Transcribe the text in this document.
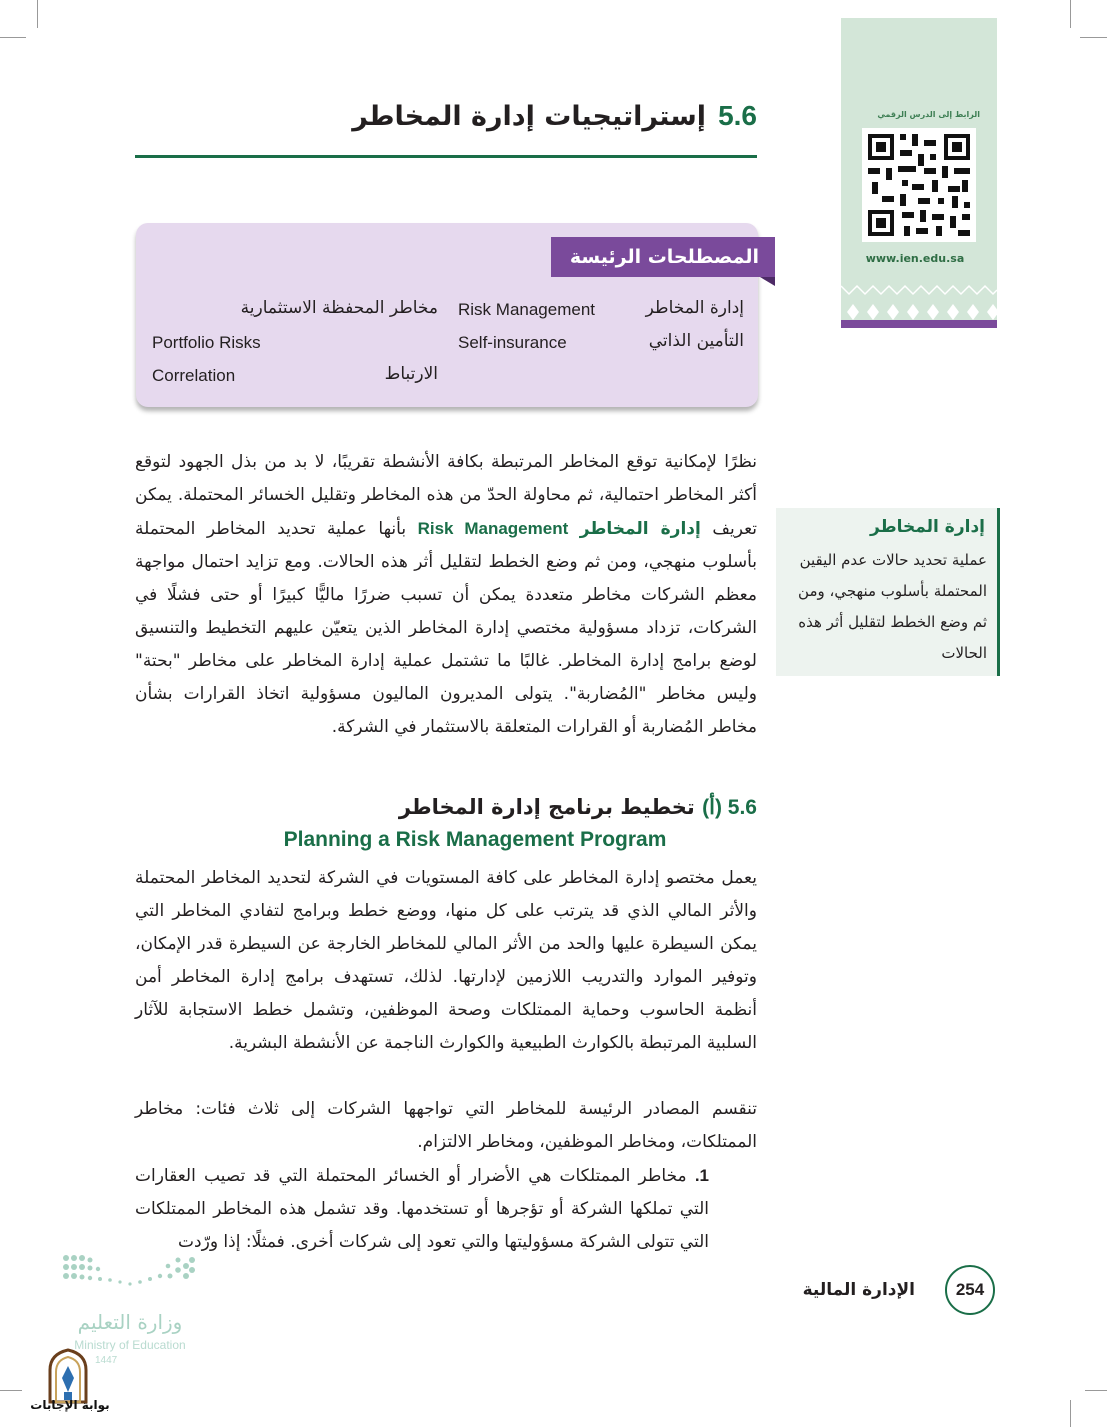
الرابط إلى الدرس الرقمي
www.ien.edu.sa
5.6إستراتيجيات إدارة المخاطر
المصطلحات الرئيسة
إدارة المخاطر
Risk Management
التأمين الذاتي
Self-insurance
مخاطر المحفظة الاستثمارية
Portfolio Risks
الارتباط
Correlation
نظرًا لإمكانية توقع المخاطر المرتبطة بكافة الأنشطة تقريبًا، لا بد من بذل الجهود لتوقع أكثر المخاطر احتمالية، ثم محاولة الحدّ من هذه المخاطر وتقليل الخسائر المحتملة. يمكن تعريف إدارة المخاطر Risk Management بأنها عملية تحديد المخاطر المحتملة بأسلوب منهجي، ومن ثم وضع الخطط لتقليل أثر هذه الحالات. ومع تزايد احتمال مواجهة معظم الشركات مخاطر متعددة يمكن أن تسبب ضررًا ماليًّا كبيرًا أو حتى فشلًا في الشركات، تزداد مسؤولية مختصي إدارة المخاطر الذين يتعيّن عليهم التخطيط والتنسيق لوضع برامج إدارة المخاطر. غالبًا ما تشتمل عملية إدارة المخاطر على مخاطر "بحتة" وليس مخاطر "المُضاربة". يتولى المديرون الماليون مسؤولية اتخاذ القرارات بشأن مخاطر المُضاربة أو القرارات المتعلقة بالاستثمار في الشركة.
إدارة المخاطر
عملية تحديد حالات عدم اليقين المحتملة بأسلوب منهجي، ومن ثم وضع الخطط لتقليل أثر هذه الحالات
5.6 (أ) تخطيط برنامج إدارة المخاطر
Planning a Risk Management Program
يعمل مختصو إدارة المخاطر على كافة المستويات في الشركة لتحديد المخاطر المحتملة والأثر المالي الذي قد يترتب على كل منها، ووضع خطط وبرامج لتفادي المخاطر التي يمكن السيطرة عليها والحد من الأثر المالي للمخاطر الخارجة عن السيطرة قدر الإمكان، وتوفير الموارد والتدريب اللازمين لإدارتها. لذلك، تستهدف برامج إدارة المخاطر أمن أنظمة الحاسوب وحماية الممتلكات وصحة الموظفين، وتشمل خطط الاستجابة للآثار السلبية المرتبطة بالكوارث الطبيعية والكوارث الناجمة عن الأنشطة البشرية.
تنقسم المصادر الرئيسة للمخاطر التي تواجهها الشركات إلى ثلاث فئات: مخاطر الممتلكات، ومخاطر الموظفين، ومخاطر الالتزام.
1. مخاطر الممتلكات هي الأضرار أو الخسائر المحتملة التي قد تصيب العقارات التي تملكها الشركة أو تؤجرها أو تستخدمها. وقد تشمل هذه المخاطر الممتلكات التي تتولى الشركة مسؤوليتها والتي تعود إلى شركات أخرى. فمثلًا: إذا ورّدت
الإدارة المالية	254
وزارة التعليم
Ministry of Education
1447
بوابة الإجابات
